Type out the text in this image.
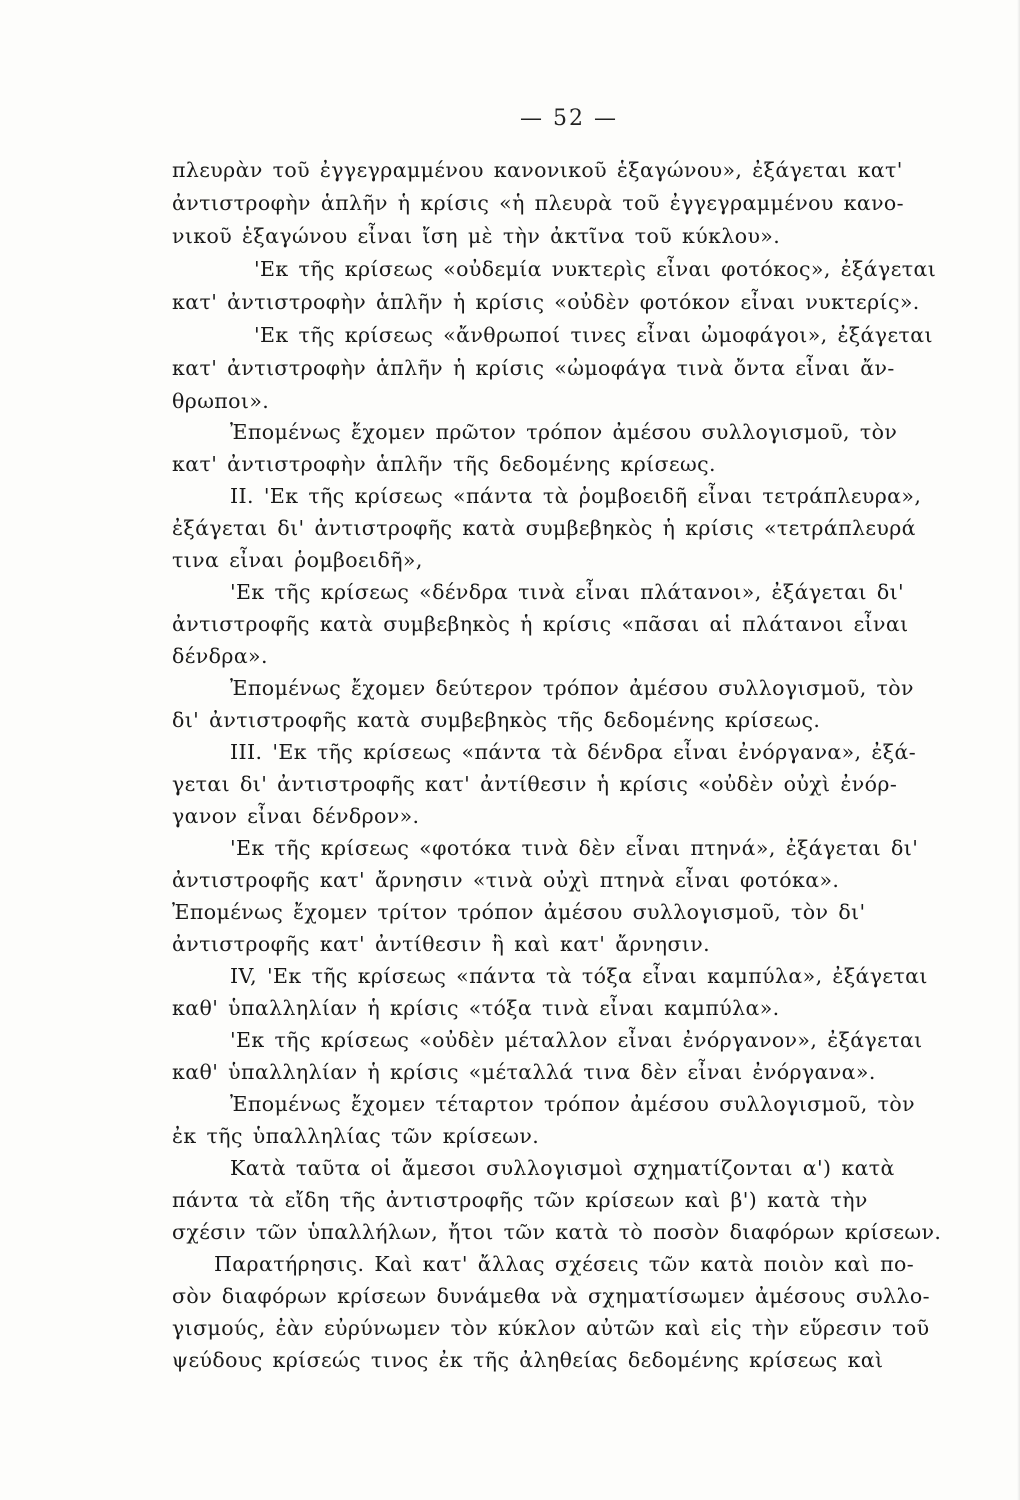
— 52 —
πλευρὰν τοῦ ἐγγεγραμμένου κανονικοῦ ἑξαγώνου», ἐξάγεται κατ'
ἀντιστροφὴν ἁπλῆν ἡ κρίσις «ἡ πλευρὰ τοῦ ἐγγεγραμμένου κανο-
νικοῦ ἑξαγώνου εἶναι ἴση μὲ τὴν ἀκτῖνα τοῦ κύκλου».
'Εκ τῆς κρίσεως «οὐδεμία νυκτερὶς εἶναι φοτόκος», ἐξάγεται
κατ' ἀντιστροφὴν ἁπλῆν ἡ κρίσις «οὐδὲν φοτόκον εἶναι νυκτερίς».
'Εκ τῆς κρίσεως «ἄνθρωποί τινες εἶναι ὠμοφάγοι», ἐξάγεται
κατ' ἀντιστροφὴν ἁπλῆν ἡ κρίσις «ὠμοφάγα τινὰ ὄντα εἶναι ἄν-
θρωποι».
Ἐπομένως ἔχομεν πρῶτον τρόπον ἀμέσου συλλογισμοῦ, τὸν
κατ' ἀντιστροφὴν ἁπλῆν τῆς δεδομένης κρίσεως.
II. 'Εκ τῆς κρίσεως «πάντα τὰ ῥομβοειδῆ εἶναι τετράπλευρα»,
ἐξάγεται δι' ἀντιστροφῆς κατὰ συμβεβηκὸς ἡ κρίσις «τετράπλευρά
τινα εἶναι ῥομβοειδῆ»,
'Εκ τῆς κρίσεως «δένδρα τινὰ εἶναι πλάτανοι», ἐξάγεται δι'
ἀντιστροφῆς κατὰ συμβεβηκὸς ἡ κρίσις «πᾶσαι αἱ πλάτανοι εἶναι
δένδρα».
Ἐπομένως ἔχομεν δεύτερον τρόπον ἀμέσου συλλογισμοῦ, τὸν
δι' ἀντιστροφῆς κατὰ συμβεβηκὸς τῆς δεδομένης κρίσεως.
III. 'Εκ τῆς κρίσεως «πάντα τὰ δένδρα εἶναι ἐνόργανα», ἐξά-
γεται δι' ἀντιστροφῆς κατ' ἀντίθεσιν ἡ κρίσις «οὐδὲν οὐχὶ ἐνόρ-
γανον εἶναι δένδρον».
'Εκ τῆς κρίσεως «φοτόκα τινὰ δὲν εἶναι πτηνά», ἐξάγεται δι'
ἀντιστροφῆς κατ' ἄρνησιν «τινὰ οὐχὶ πτηνὰ εἶναι φοτόκα».
Ἐπομένως ἔχομεν τρίτον τρόπον ἀμέσου συλλογισμοῦ, τὸν δι'
ἀντιστροφῆς κατ' ἀντίθεσιν ἢ καὶ κατ' ἄρνησιν.
IV, 'Εκ τῆς κρίσεως «πάντα τὰ τόξα εἶναι καμπύλα», ἐξάγεται
καθ' ὑπαλληλίαν ἡ κρίσις «τόξα τινὰ εἶναι καμπύλα».
'Εκ τῆς κρίσεως «οὐδὲν μέταλλον εἶναι ἐνόργανον», ἐξάγεται
καθ' ὑπαλληλίαν ἡ κρίσις «μέταλλά τινα δὲν εἶναι ἐνόργανα».
Ἐπομένως ἔχομεν τέταρτον τρόπον ἀμέσου συλλογισμοῦ, τὸν
ἐκ τῆς ὑπαλληλίας τῶν κρίσεων.
Κατὰ ταῦτα οἱ ἄμεσοι συλλογισμοὶ σχηματίζονται α') κατὰ
πάντα τὰ εἴδη τῆς ἀντιστροφῆς τῶν κρίσεων καὶ β') κατὰ τὴν
σχέσιν τῶν ὑπαλλήλων, ἤτοι τῶν κατὰ τὸ ποσὸν διαφόρων κρίσεων.
Παρατήρησις. Καὶ κατ' ἄλλας σχέσεις τῶν κατὰ ποιὸν καὶ πο-
σὸν διαφόρων κρίσεων δυνάμεθα νὰ σχηματίσωμεν ἀμέσους συλλο-
γισμούς, ἐὰν εὐρύνωμεν τὸν κύκλον αὐτῶν καὶ εἰς τὴν εὕρεσιν τοῦ
ψεύδους κρίσεώς τινος ἐκ τῆς ἀληθείας δεδομένης κρίσεως καὶ
